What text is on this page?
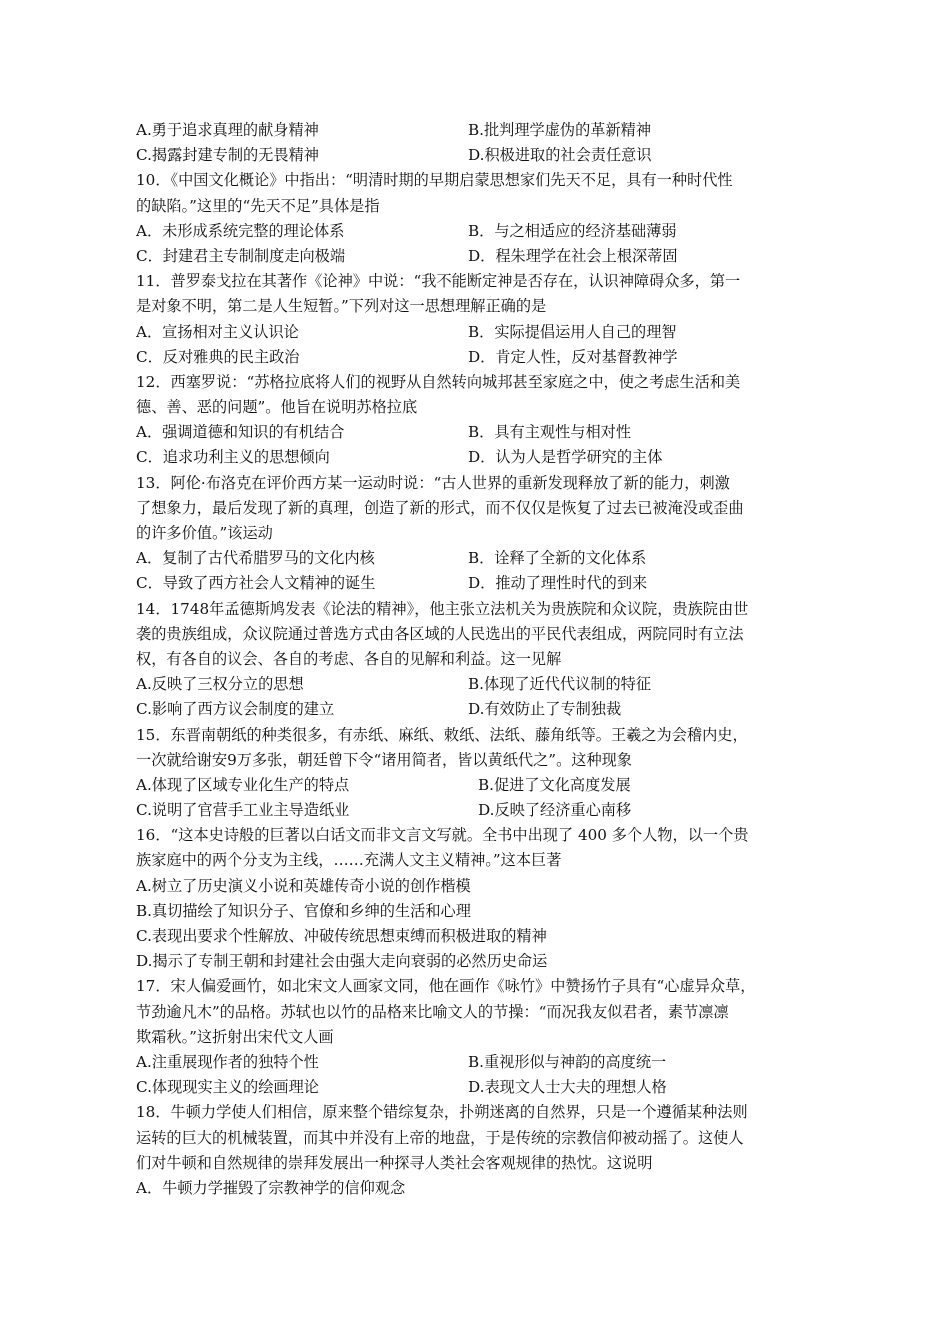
A.勇于追求真理的献身精神	B.批判理学虚伪的革新精神
C.揭露封建专制的无畏精神	D.积极进取的社会责任意识
10．《中国文化概论》中指出：“明清时期的早期启蒙思想家们先天不足，具有一种时代性
的缺陷。”这里的“先天不足”具体是指
A．未形成系统完整的理论体系	B．与之相适应的经济基础薄弱
C．封建君主专制制度走向极端	D．程朱理学在社会上根深蒂固
11．普罗泰戈拉在其著作《论神》中说：“我不能断定神是否存在，认识神障碍众多，第一
是对象不明，第二是人生短暂。”下列对这一思想理解正确的是
A．宣扬相对主义认识论	B．实际提倡运用人自己的理智
C．反对雅典的民主政治	D．肯定人性，反对基督教神学
12．西塞罗说：“苏格拉底将人们的视野从自然转向城邦甚至家庭之中，使之考虑生活和美
德、善、恶的问题”。他旨在说明苏格拉底
A．强调道德和知识的有机结合	B．具有主观性与相对性
C．追求功利主义的思想倾向	D．认为人是哲学研究的主体
13．阿伦·布洛克在评价西方某一运动时说：“古人世界的重新发现释放了新的能力，刺激
了想象力，最后发现了新的真理，创造了新的形式，而不仅仅是恢复了过去已被淹没或歪曲
的许多价值。”该运动
A．复制了古代希腊罗马的文化内核	B．诠释了全新的文化体系
C．导致了西方社会人文精神的诞生	D．推动了理性时代的到来
14．1748年孟德斯鸠发表《论法的精神》，他主张立法机关为贵族院和众议院，贵族院由世
袭的贵族组成，众议院通过普选方式由各区域的人民选出的平民代表组成，两院同时有立法
权，有各自的议会、各自的考虑、各自的见解和利益。这一见解
A.反映了三权分立的思想	B.体现了近代代议制的特征
C.影响了西方议会制度的建立	D.有效防止了专制独裁
15．东晋南朝纸的种类很多，有赤纸、麻纸、敕纸、法纸、藤角纸等。王羲之为会稽内史，
一次就给谢安9万多张，朝廷曾下令“诸用简者，皆以黄纸代之”。这种现象
A.体现了区域专业化生产的特点	B.促进了文化高度发展
C.说明了官营手工业主导造纸业	D.反映了经济重心南移
16．“这本史诗般的巨著以白话文而非文言文写就。全书中出现了 400 多个人物，以一个贵
族家庭中的两个分支为主线，……充满人文主义精神。”这本巨著
A.树立了历史演义小说和英雄传奇小说的创作楷模
B.真切描绘了知识分子、官僚和乡绅的生活和心理
C.表现出要求个性解放、冲破传统思想束缚而积极进取的精神
D.揭示了专制王朝和封建社会由强大走向衰弱的必然历史命运
17．宋人偏爱画竹，如北宋文人画家文同，他在画作《咏竹》中赞扬竹子具有“心虚异众草，
节劲逾凡木”的品格。苏轼也以竹的品格来比喻文人的节操：“而况我友似君者，素节凛凛
欺霜秋。”这折射出宋代文人画
A.注重展现作者的独特个性	B.重视形似与神韵的高度统一
C.体现现实主义的绘画理论	D.表现文人士大夫的理想人格
18．牛顿力学使人们相信，原来整个错综复杂，扑朔迷离的自然界，只是一个遵循某种法则
运转的巨大的机械装置，而其中并没有上帝的地盘，于是传统的宗教信仰被动摇了。这使人
们对牛顿和自然规律的崇拜发展出一种探寻人类社会客观规律的热忱。这说明
A．牛顿力学摧毁了宗教神学的信仰观念
